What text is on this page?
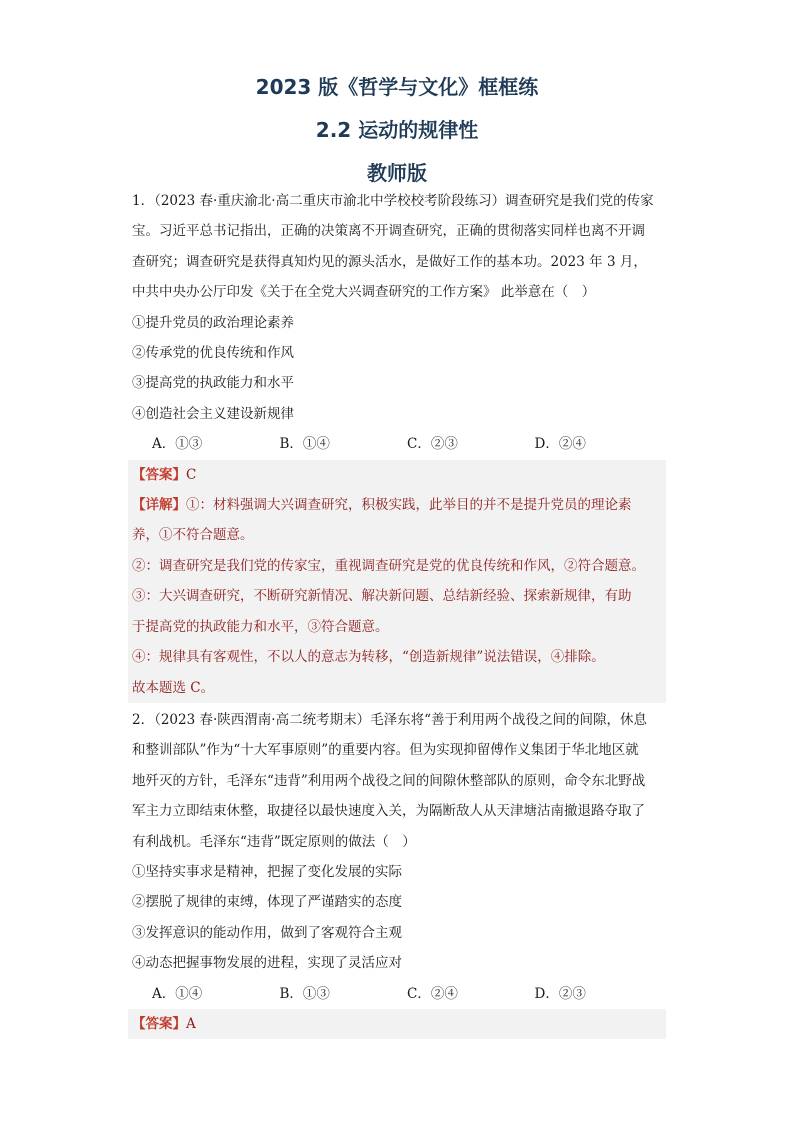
2023 版《哲学与文化》框框练
2.2 运动的规律性
教师版
1．（2023 春·重庆渝北·高二重庆市渝北中学校校考阶段练习）调查研究是我们党的传家
宝。习近平总书记指出，正确的决策离不开调查研究，正确的贯彻落实同样也离不开调
查研究；调查研究是获得真知灼见的源头活水，是做好工作的基本功。2023 年 3 月，
中共中央办公厅印发《关于在全党大兴调查研究的工作方案》 此举意在（　）
①提升党员的政治理论素养
②传承党的优良传统和作风
③提高党的执政能力和水平
④创造社会主义建设新规律
A．①③	B．①④	C．②③	D．②④
【答案】C
【详解】①：材料强调大兴调查研究，积极实践，此举目的并不是提升党员的理论素
养，①不符合题意。
②：调查研究是我们党的传家宝，重视调查研究是党的优良传统和作风，②符合题意。
③：大兴调查研究，不断研究新情况、解决新问题、总结新经验、探索新规律，有助
于提高党的执政能力和水平，③符合题意。
④：规律具有客观性，不以人的意志为转移，“创造新规律”说法错误，④排除。
故本题选 C。
2．（2023 春·陕西渭南·高二统考期末）毛泽东将“善于利用两个战役之间的间隙，休息
和整训部队”作为“十大军事原则”的重要内容。但为实现抑留傅作义集团于华北地区就
地歼灭的方针，毛泽东“违背”利用两个战役之间的间隙休整部队的原则，命令东北野战
军主力立即结束休整，取捷径以最快速度入关，为隔断敌人从天津塘沽南撤退路夺取了
有利战机。毛泽东“违背”既定原则的做法（　）
①坚持实事求是精神，把握了变化发展的实际
②摆脱了规律的束缚，体现了严谨踏实的态度
③发挥意识的能动作用，做到了客观符合主观
④动态把握事物发展的进程，实现了灵活应对
A．①④	B．①③	C．②④	D．②③
【答案】A
